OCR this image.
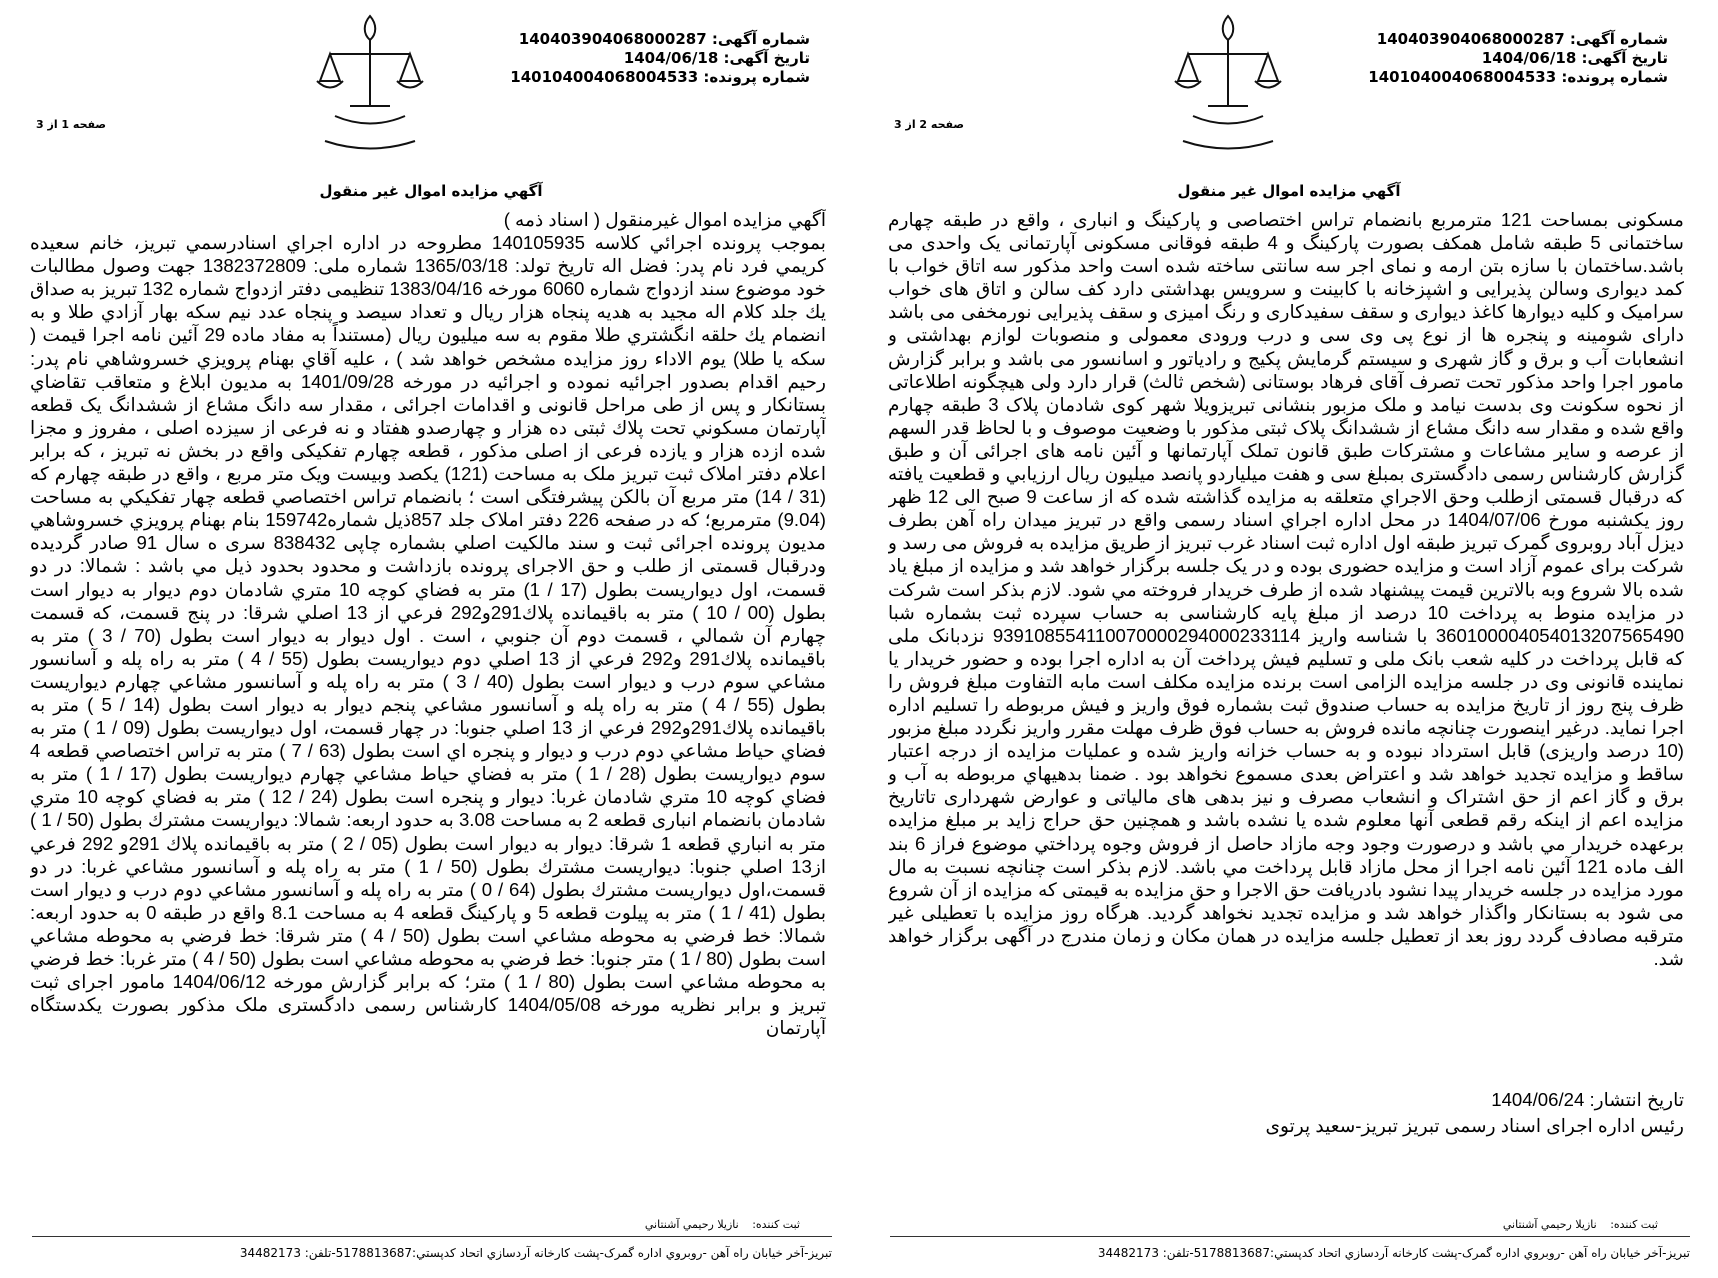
شماره آگهی: 140403904068000287
تاریخ آگهی: 1404/06/18
شماره پرونده: 140104004068004533
صفحه 1 از 3
آگهي مزايده اموال غير منقول

آگهي مزايده اموال غيرمنقول ( اسناد ذمه )

بموجب پرونده اجرائي كلاسه 140105935 مطروحه در اداره اجراي اسنادرسمي تبريز، خانم سعيده كريمي فرد نام پدر: فضل اله تاريخ تولد: 1365/03/18 شماره ملی: 1382372809 جهت وصول مطالبات خود موضوع سند ازدواج شماره 6060 مورخه 1383/04/16 تنظيمی دفتر ازدواج شماره 132 تبريز به صداق يك جلد كلام اله مجيد به هديه پنجاه هزار ريال و تعداد سيصد و پنجاه عدد نيم سكه بهار آزادي طلا و به انضمام يك حلقه انگشتري طلا مقوم به سه ميليون ريال (مستنداً به مفاد ماده 29 آئين نامه اجرا قيمت ( سكه يا طلا) يوم الاداء روز مزايده مشخص خواهد شد ) ، علیه آقاي بهنام پرويزي خسروشاهي نام پدر: رحيم اقدام بصدور اجرائيه نموده و اجرائيه در مورخه 1401/09/28 به مديون ابلاغ و متعاقب تقاضاي بستانكار و پس از طی مراحل قانونی و اقدامات اجرائی ، مقدار سه دانگ مشاع از ششدانگ يک قطعه آپارتمان مسكوني تحت پلاك ثبتی ده هزار و چهارصدو هفتاد و نه فرعی از سيزده اصلی ، مفروز و مجزا شده ازده هزار و يازده فرعی از اصلی مذكور ، قطعه چهارم تفكيكی واقع در بخش نه تبريز ، كه برابر اعلام دفتر املاک ثبت تبريز ملک به مساحت (121) يكصد وبيست ويک متر مربع ، واقع در طبقه چهارم كه (31 / 14) متر مربع آن بالكن پيشرفتگی است ؛ بانضمام تراس اختصاصي قطعه چهار تفكيكي به مساحت (9.04) مترمربع؛ كه در صفحه 226 دفتر املاک جلد 857ذيل شماره159742 بنام بهنام پرويزي خسروشاهي مديون پرونده اجرائی ثبت و سند مالكيت اصلي بشماره چاپی 838432 سری ه سال 91 صادر گرديده ودرقبال قسمتی از طلب و حق الاجرای پرونده بازداشت و محدود بحدود ذيل مي باشد : شمالا: در دو قسمت، اول ديواريست بطول (17 / 1) متر به فضاي كوچه 10 متري شادمان دوم ديوار به ديوار است بطول (00 / 10 ) متر به باقيمانده پلاك291و292 فرعي از 13 اصلي شرقا: در پنج قسمت، كه قسمت چهارم آن شمالي ، قسمت دوم آن جنوبي ، است . اول ديوار به ديوار است بطول (70 / 3 ) متر به باقيمانده پلاك291 و292 فرعي از 13 اصلي دوم ديواريست بطول (55 / 4 ) متر به راه پله و آسانسور مشاعي سوم درب و ديوار است بطول (40 / 3 ) متر به راه پله و آسانسور مشاعي چهارم ديواريست بطول (55 / 4 ) متر به راه پله و آسانسور مشاعي پنجم ديوار به ديوار است بطول (14 / 5 ) متر به باقيمانده پلاك291و292 فرعي از 13 اصلي جنوبا: در چهار قسمت، اول ديواريست بطول (09 / 1 ) متر به فضاي حياط مشاعي دوم درب و ديوار و پنجره اي است بطول (63 / 7 ) متر به تراس اختصاصي قطعه 4 سوم ديواريست بطول (28 / 1 ) متر به فضاي حياط مشاعي چهارم ديواريست بطول (17 / 1 ) متر به فضاي كوچه 10 متري شادمان غربا: ديوار و پنجره است بطول (24 / 12 ) متر به فضاي كوچه 10 متري شادمان بانضمام انباری قطعه 2 به مساحت 3.08 به حدود اربعه: شمالا: ديواريست مشترك بطول (50 / 1 ) متر به انباري قطعه 1 شرقا: ديوار به ديوار است بطول (05 / 2 ) متر به باقيمانده پلاك 291و 292 فرعي از13 اصلي جنوبا: ديواريست مشترك بطول (50 / 1 ) متر به راه پله و آسانسور مشاعي غربا: در دو قسمت،اول ديواريست مشترك بطول (64 / 0 ) متر به راه پله و آسانسور مشاعي دوم درب و ديوار است بطول (41 / 1 ) متر به پيلوت قطعه 5 و پاركينگ قطعه 4 به مساحت 8.1 واقع در طبقه 0 به حدود اربعه: شمالا: خط فرضي به محوطه مشاعي است بطول (50 / 4 ) متر شرقا: خط فرضي به محوطه مشاعي است بطول (80 / 1 ) متر جنوبا: خط فرضي به محوطه مشاعي است بطول (50 / 4 ) متر غربا: خط فرضي به محوطه مشاعي است بطول (80 / 1 ) متر؛ كه برابر گزارش مورخه 1404/06/12 مامور اجرای ثبت تبريز و برابر نظريه مورخه 1404/05/08 كارشناس رسمی دادگستری ملک مذكور بصورت يكدستگاه آپارتمان

ثبت كننده: نازيلا رحيمي آشنتاني
تبريز-آخر خيابان راه آهن -روبروي اداره گمرک-پشت كارخانه آردسازي اتحاد كدپستي:5178813687-تلفن: 34482173
شماره آگهی: 140403904068000287
تاریخ آگهی: 1404/06/18
شماره پرونده: 140104004068004533
صفحه 2 از 3
آگهي مزايده اموال غير منقول

مسكونی بمساحت 121 مترمربع بانضمام تراس اختصاصی و پاركينگ و انباری ، واقع در طبقه چهارم ساختمانی 5 طبقه شامل همكف بصورت پاركينگ و 4 طبقه فوقانی مسكونی آپارتمانی يک واحدی می باشد.ساختمان با سازه بتن ارمه و نمای اجر سه سانتی ساخته شده است واحد مذكور سه اتاق خواب با كمد ديواری وسالن پذيرايی و اشپزخانه با كابينت و سرويس بهداشتی دارد كف سالن و اتاق های خواب سراميک و كليه ديوارها كاغذ ديواری و سقف سفيدكاری و رنگ اميزی و سقف پذيرايی نورمخفی می باشد دارای شومينه و پنجره ها از نوع پی وی سی و درب ورودی معمولی و منصوبات لوازم بهداشتی و انشعابات آب و برق و گاز شهری و سيستم گرمايش پكيج و رادياتور و اسانسور می باشد و برابر گزارش مامور اجرا واحد مذكور تحت تصرف آقای فرهاد بوستانی (شخص ثالث) قرار دارد ولی هيچگونه اطلاعاتی از نحوه سكونت وی بدست نيامد و ملک مزبور بنشانی تبريزويلا شهر كوی شادمان پلاک 3 طبقه چهارم واقع شده و مقدار سه دانگ مشاع از ششدانگ پلاک ثبتی مذكور با وضعيت موصوف و با لحاظ قدر السهم از عرصه و ساير مشاعات و مشتركات طبق قانون تملک آپارتمانها و آئين نامه های اجرائی آن و طبق گزارش كارشناس رسمی دادگستری بمبلغ سی و هفت ميلياردو پانصد ميليون ريال ارزيابي و قطعيت يافته كه درقبال قسمتی ازطلب وحق الاجراي متعلقه به مزايده گذاشته شده كه از ساعت 9 صبح الی 12 ظهر روز يكشنبه مورخ 1404/07/06 در محل اداره اجراي اسناد رسمی واقع در تبريز ميدان راه آهن بطرف ديزل آباد روبروی گمرک تبريز طبقه اول اداره ثبت اسناد غرب تبريز از طريق مزايده به فروش می رسد و شركت برای عموم آزاد است و مزايده حضوری بوده و در يک جلسه برگزار خواهد شد و مزايده از مبلغ ياد شده بالا شروع وبه بالاترين قيمت پيشنهاد شده از طرف خريدار فروخته مي شود. لازم بذكر است شركت در مزايده منوط به پرداخت 10 درصد از مبلغ پايه كارشناسی به حساب سپرده ثبت بشماره شبا 360100004054013207565490 با شناسه واريز 939108554110070000294000233114 نزدبانک ملی كه قابل پرداخت در كليه شعب بانک ملی و تسليم فيش پرداخت آن به اداره اجرا بوده و حضور خريدار يا نماينده قانونی وی در جلسه مزايده الزامی است برنده مزايده مكلف است مابه التفاوت مبلغ فروش را ظرف پنج روز از تاريخ مزايده به حساب صندوق ثبت بشماره فوق واريز و فيش مربوطه را تسليم اداره اجرا نمايد. درغير اينصورت چنانچه مانده فروش به حساب فوق ظرف مهلت مقرر واريز نگردد مبلغ مزبور (10 درصد واريزی) قابل استرداد نبوده و به حساب خزانه واريز شده و عمليات مزايده از درجه اعتبار ساقط و مزايده تجديد خواهد شد و اعتراض بعدی مسموع نخواهد بود . ضمنا بدهيهاي مربوطه به آب و برق و گاز اعم از حق اشتراک و انشعاب مصرف و نيز بدهی های مالياتی و عوارض شهرداری تاتاريخ مزايده اعم از اينكه رقم قطعی آنها معلوم شده يا نشده باشد و همچنين حق حراج زايد بر مبلغ مزايده برعهده خريدار مي باشد و درصورت وجود وجه مازاد حاصل از فروش وجوه پرداختي موضوع فراز 6 بند الف ماده 121 آئين نامه اجرا از محل مازاد قابل پرداخت مي باشد. لازم بذكر است چنانچه نسبت به مال مورد مزايده در جلسه خريدار پيدا نشود بادريافت حق الاجرا و حق مزايده به قيمتی كه مزايده از آن شروع می شود به بستانكار واگذار خواهد شد و مزايده تجديد نخواهد گرديد. هرگاه روز مزايده با تعطيلی غير مترقبه مصادف گردد روز بعد از تعطيل جلسه مزايده در همان مكان و زمان مندرج در آگهی برگزار خواهد شد.

تاريخ انتشار: 1404/06/24
رئيس اداره اجرای اسناد رسمی تبريز تبريز-سعيد پرتوی
ثبت كننده: نازيلا رحيمي آشنتاني
تبريز-آخر خيابان راه آهن -روبروي اداره گمرک-پشت كارخانه آردسازي اتحاد كدپستي:5178813687-تلفن: 34482173
